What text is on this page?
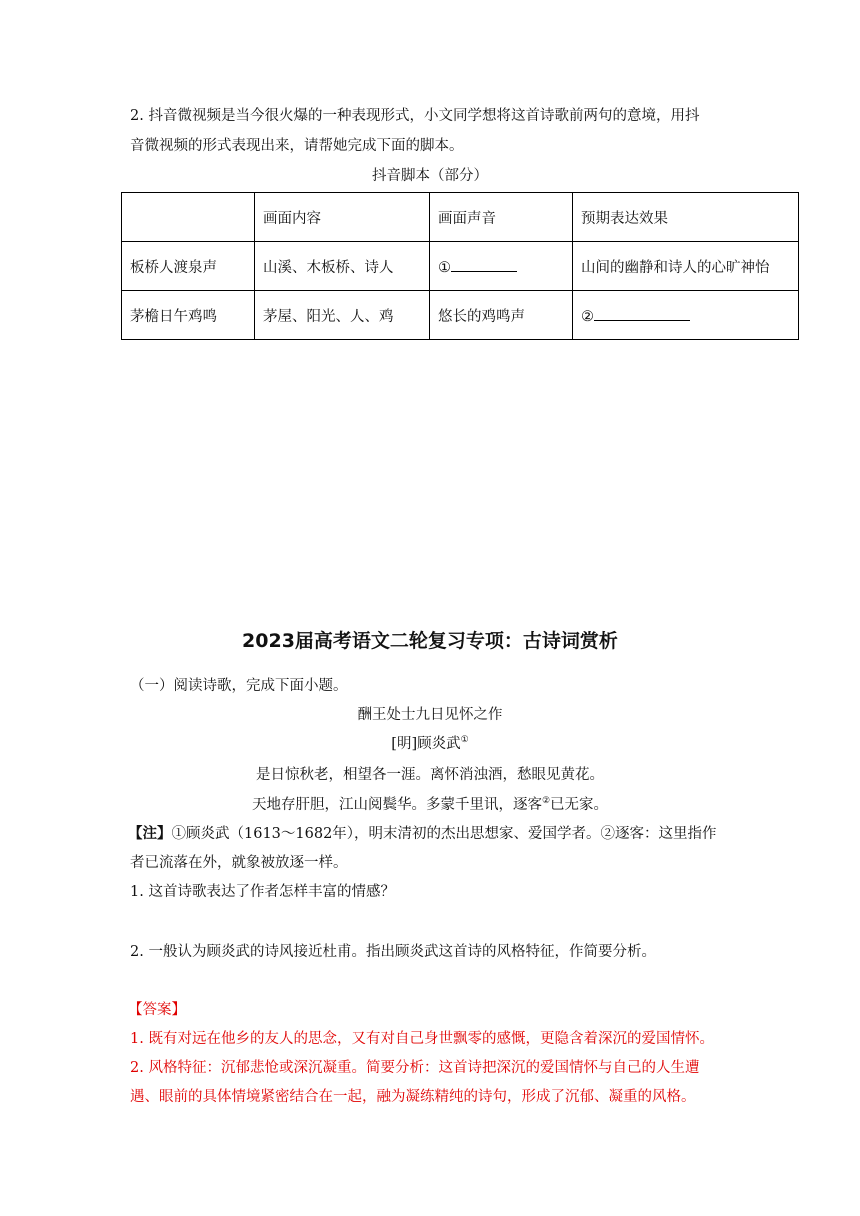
2. 抖音微视频是当今很火爆的一种表现形式，小文同学想将这首诗歌前两句的意境，用抖
音微视频的形式表现出来，请帮她完成下面的脚本。
抖音脚本（部分）
	画面内容	画面声音	预期表达效果
板桥人渡泉声	山溪、木板桥、诗人	①	山间的幽静和诗人的心旷神怡
茅檐日午鸡鸣	茅屋、阳光、人、鸡	悠长的鸡鸣声	②
2023届高考语文二轮复习专项：古诗词赏析
（一）阅读诗歌，完成下面小题。
酬王处士九日见怀之作
[明]顾炎武①
是日惊秋老，相望各一涯。离怀消浊酒，愁眼见黄花。
天地存肝胆，江山阅鬓华。多蒙千里讯，逐客②已无家。
【注】①顾炎武（1613～1682年），明末清初的杰出思想家、爱国学者。②逐客：这里指作
者已流落在外，就象被放逐一样。
1. 这首诗歌表达了作者怎样丰富的情感？
2. 一般认为顾炎武的诗风接近杜甫。指出顾炎武这首诗的风格特征，作简要分析。
【答案】
1. 既有对远在他乡的友人的思念，又有对自己身世飘零的感慨，更隐含着深沉的爱国情怀。
2. 风格特征：沉郁悲怆或深沉凝重。简要分析：这首诗把深沉的爱国情怀与自己的人生遭
遇、眼前的具体情境紧密结合在一起，融为凝练精纯的诗句，形成了沉郁、凝重的风格。
